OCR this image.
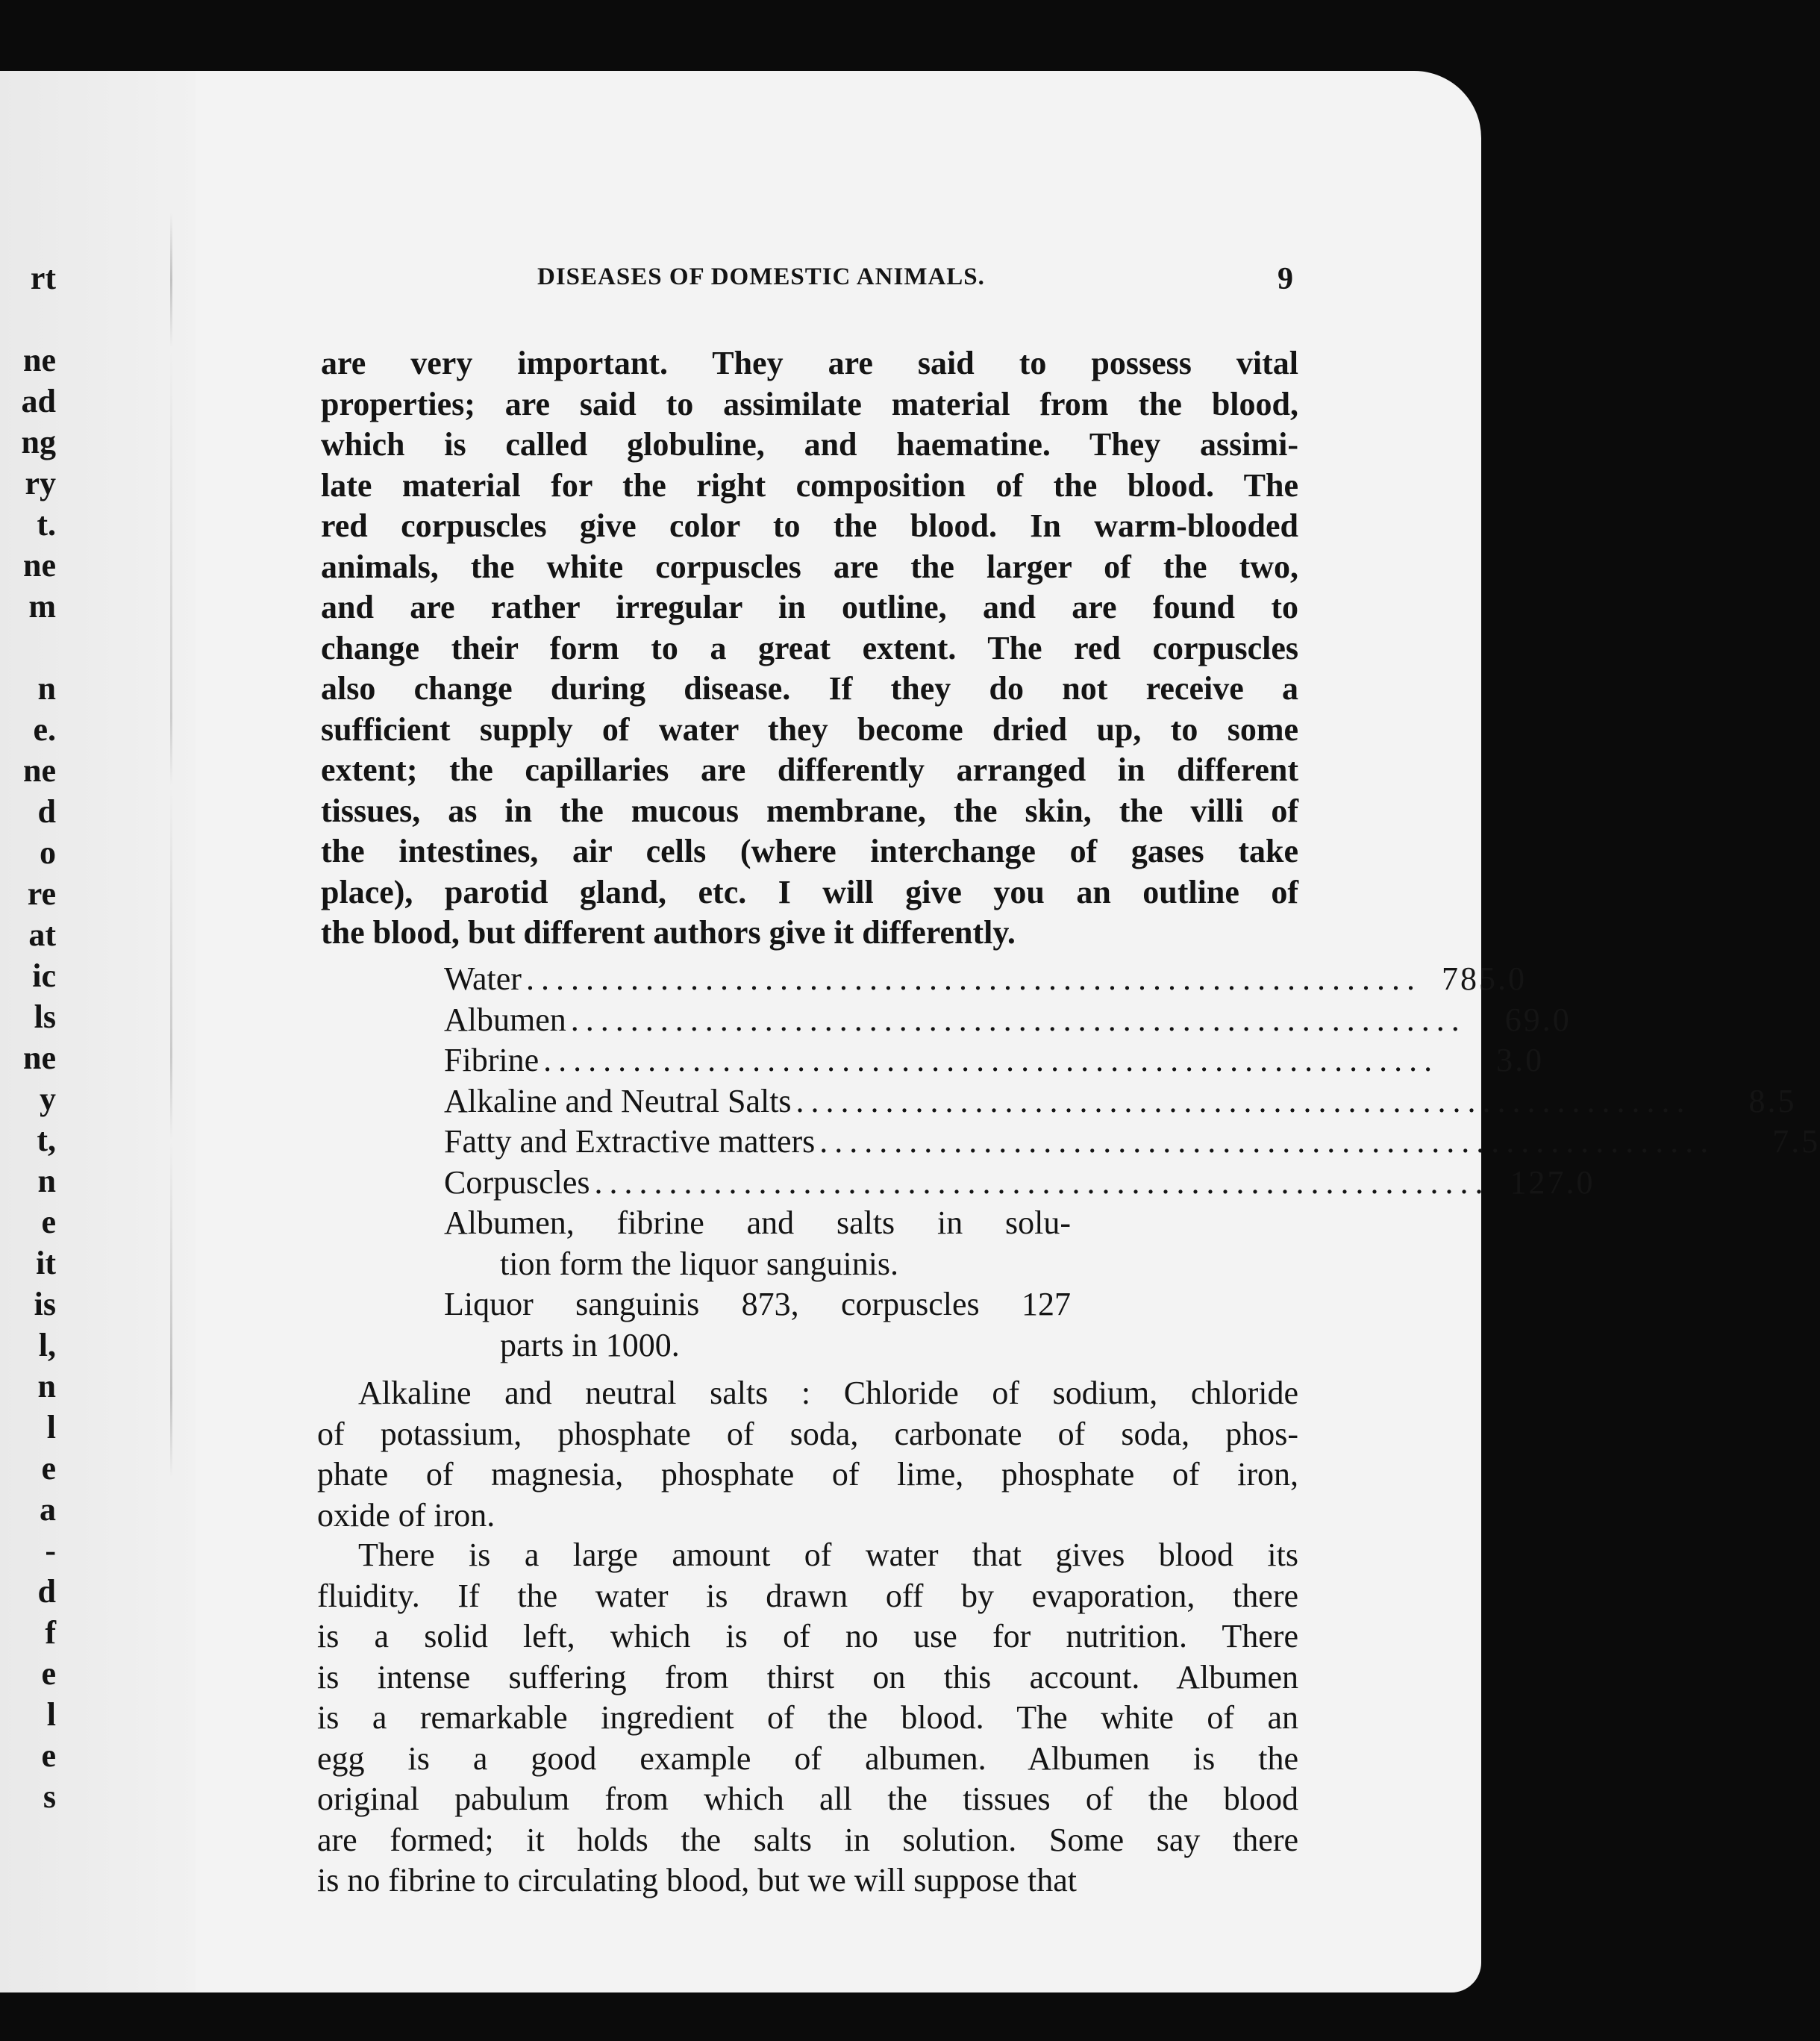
rt

ne
ad
ng
ry
t.
ne
m

n
e.
ne
d
o
re
at
ic
ls
ne
y
t,
n
e
it
is
l,
n
l
e
a
-
d
f
e
l
e
s
DISEASES OF DOMESTIC ANIMALS.	9
are very important. They are said to possess vital
properties; are said to assimilate material from the blood,
which is called globuline, and haematine. They assimi-
late material for the right composition of the blood. The
red corpuscles give color to the blood. In warm-blooded
animals, the white corpuscles are the larger of the two,
and are rather irregular in outline, and are found to
change their form to a great extent. The red corpuscles
also change during disease. If they do not receive a
sufficient supply of water they become dried up, to some
extent; the capillaries are differently arranged in different
tissues, as in the mucous membrane, the skin, the villi of
the intestines, air cells (where interchange of gases take
place), parotid gland, etc. I will give you an outline of
the blood, but different authors give it differently.
Water ............................................................ 785.0
Albumen ............................................................	69.0
Fibrine ............................................................	3.0
Alkaline and Neutral Salts ............................................................	8.5
Fatty and Extractive matters ............................................................	7.5
Corpuscles ............................................................ 127.0
Albumen, fibrine and salts in solu-
tion form the liquor sanguinis.
Liquor sanguinis 873, corpuscles 127
parts in 1000.
Alkaline and neutral salts : Chloride of sodium, chloride
of potassium, phosphate of soda, carbonate of soda, phos-
phate of magnesia, phosphate of lime, phosphate of iron,
oxide of iron.
There is a large amount of water that gives blood its
fluidity. If the water is drawn off by evaporation, there
is a solid left, which is of no use for nutrition. There
is intense suffering from thirst on this account. Albumen
is a remarkable ingredient of the blood. The white of an
egg is a good example of albumen. Albumen is the
original pabulum from which all the tissues of the blood
are formed; it holds the salts in solution. Some say there
is no fibrine to circulating blood, but we will suppose that
